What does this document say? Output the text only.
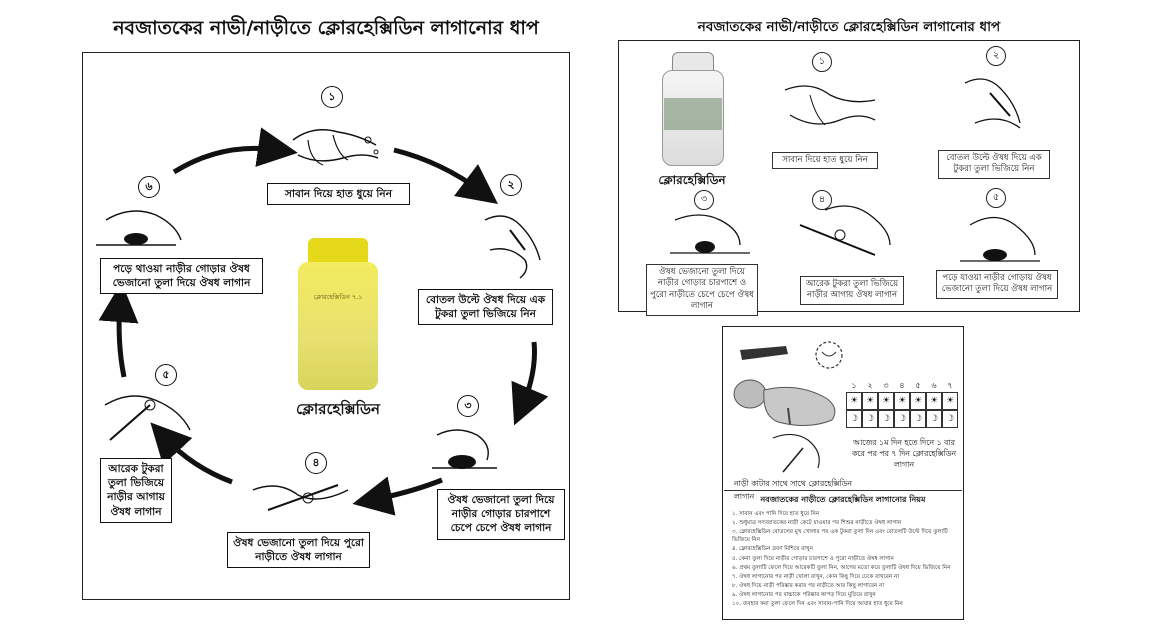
নবজাতকের নাভী/নাড়ীতে ক্লোরহেক্সিডিন লাগানোর ধাপ
১
সাবান দিয়ে হাত ধুয়ে নিন
২
বোতল উল্টে ঔষধ দিয়ে এক টুকরা তুলা ভিজিয়ে নিন
ক্লোরহেক্সিডিন ৭.১
ক্লোরহেক্সিডিন	৩
ঔষধ ভেজানো তুলা দিয়ে নাড়ীর গোড়ার চারপাশে চেপে চেপে ঔষধ লাগান
৪
ঔষধ ভেজানো তুলা দিয়ে পুরো নাড়ীতে ঔষধ লাগান
৫
আরেক টুকরা তুলা ভিজিয়ে নাড়ীর আগায় ঔষধ লাগান
৬
পড়ে থাওয়া নাড়ীর গোড়ার ঔষধ ভেজানো তুলা দিয়ে ঔষধ লাগান
নবজাতকের নাভী/নাড়ীতে ক্লোরহেক্সিডিন লাগানোর ধাপ
ক্লোরহেক্সিডিন
১
সাবান দিয়ে হাত ধুয়ে নিন
২
বোতল উল্টে ঔষধ দিয়ে এক টুকরা তুলা ভিজিয়ে নিন
৩
ঔষধ ভেজানো তুলা দিয়ে নাড়ীর গোড়ার চারপাশে ও পুরো নাড়ীতে চেপে চেপে ঔষধ লাগান
৪
আরেক টুকরা তুলা ভিজিয়ে নাড়ীর আগায় ঔষধ লাগান
৫
পড়ে যাওয়া নাড়ীর গোড়ায় ঔষধ ভেজানো তুলা দিয়ে ঔষধ লাগান
১
☀
☽
২
☀
☽
৩
☀
☽
৪
☀
☽
৫
☀
☽
৬
☀
☽
৭
☀
☽
আজের ১ম দিন হতে দিনে ১ বার করে পর পর ৭ দিন ক্লোরহেক্সিডিন লাগান
নাড়ী কাটার সাথে সাথে ক্লোরহেক্সিডিন লাগান নবজাতকের নাড়ীতে ক্লোরহেক্সিডিন লাগানোর নিয়ম
১. সাবান এবং পানি দিয়ে হাত ধুয়ে নিন
২. শুধুমাত্র সদ্যজাতকের নাড়ী কেটে যাওয়ার পর শিশুর নাড়ীতে ঔষধ লাগান
৩. ক্লোরহেক্সিডিন বোতলের মুখ খোলার পর এক টুকরা তুলা দিন এবং বোতলটি উল্টে দিয়ে তুলাটি ভিজিয়ে নিন
৪. ক্লোরহেক্সিডিন দ্রবণ মিশিয়ে রাখুন
৫. কেনা তুলা দিয়ে নাড়ীর গোড়ার চারপাশে ও পুরো নাড়ীতে ঔষধ লাগান
৬. প্রথম তুলাটি ফেলে দিয়ে আরেকটি তুলা নিন, আগের মতো করে তুলাটি ঔষধ দিয়ে ভিজিয়ে নিন
৭. ঔষধ লাগানোর পর নাড়ী খোলা রাখুন, কোন কিছু দিয়ে ঢেকে রাখবেন না
৮. ঔষধ দিয়ে নাড়ী পরিষ্কার করার পর নাড়ীতে আর কিছু লাগাবেন না
৯. ঔষধ লাগানোর পর বাচ্চাকে পরিষ্কার কাপড় দিয়ে মুড়িয়ে রাখুন
১০. ব্যবহার করা তুলা ফেলে দিন এবং সাবান-পানি দিয়ে আবার হাত ধুয়ে নিন
